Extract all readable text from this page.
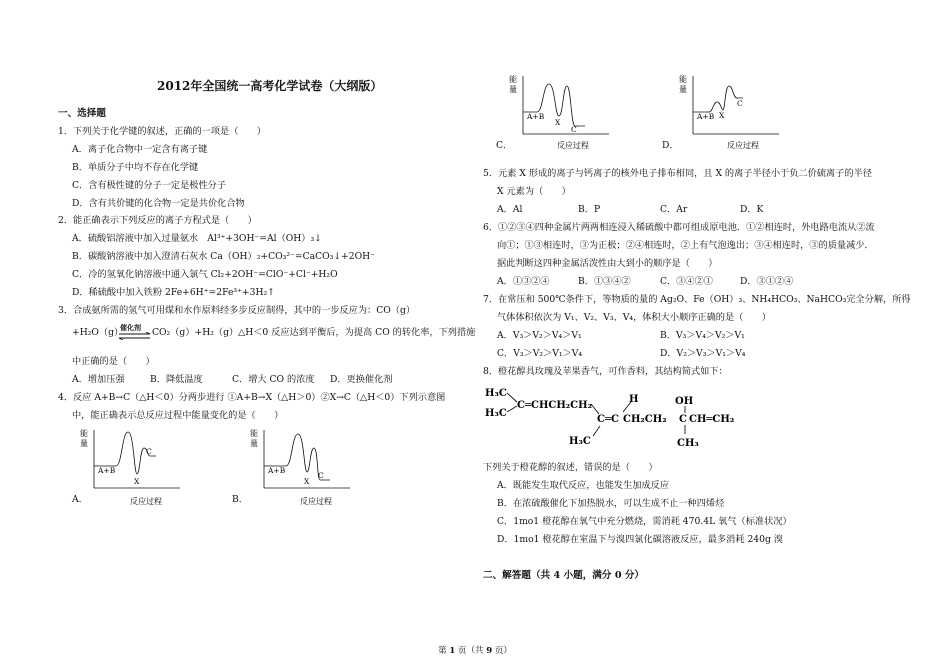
2012年全国统一高考化学试卷（大纲版）
一、选择题
1．下列关于化学键的叙述，正确的一项是（　　）
A．离子化合物中一定含有离子键
B．单质分子中均不存在化学键
C．含有极性键的分子一定是极性分子
D．含有共价键的化合物一定是共价化合物
2．能正确表示下列反应的离子方程式是（　　）
A．硫酸铝溶液中加入过量氨水　Al³⁺+3OH⁻=Al（OH）₃↓
B．碳酸钠溶液中加入澄清石灰水 Ca（OH）₂+CO₃²⁻=CaCO₃↓+2OH⁻
C．冷的氢氧化钠溶液中通入氯气 Cl₂+2OH⁻=ClO⁻+Cl⁻+H₂O
D．稀硫酸中加入铁粉 2Fe+6H⁺=2Fe³⁺+3H₂↑
3．合成氨所需的氢气可用煤和水作原料经多步反应制得，其中的一步反应为：CO（g）
+H₂O（g）
催化剂 ⇌ CO₂（g）+H₂（g）△H＜0 反应达到平衡后，为提高 CO 的转化率，下列措施
中正确的是（　　）
A．增加压强	B．降低温度	C．增大 CO 的浓度 D．更换催化剂
4．反应 A+B→C（△H＜0）分两步进行 ①A+B→X（△H＞0）②X→C（△H＜0）下列示意图
中，能正确表示总反应过程中能量变化的是（　　）
能
量
A+B
X
C
反应过程
A．
能
量
A+B
X
C
反应过程
B．
能
量
A+B
X
C
反应过程
C．
能
量
A+B X
C
反应过程
D．
5．元素 X 形成的离子与钙离子的核外电子排布相同，且 X 的离子半径小于负二价硫离子的半径
X 元素为（　　）
A．Al	B．P	C．Ar	D．K
6．①②③④四种金属片两两相连浸入稀硫酸中都可组成原电池．①②相连时，外电路电流从②流
向①；①③相连时，③为正极；②④相连时，②上有气泡逸出；③④相连时，③的质量减少．
据此判断这四种金属活泼性由大到小的顺序是（　　）
A．①③②④	B．①③④②	C．③④②①	D．③①②④
7．在常压和 500℃条件下，等物质的量的 Ag₂O、Fe（OH）₃、NH₄HCO₃、NaHCO₃完全分解，所得
气体体积依次为 V₁、V₂、V₃、V₄，体积大小顺序正确的是（　　）
A．V₃＞V₂＞V₄＞V₁	B．V₃＞V₄＞V₂＞V₁
C．V₃＞V₂＞V₁＞V₄	D．V₂＞V₃＞V₁＞V₄
8．橙花醇具玫瑰及苹果香气，可作香料，其结构简式如下：
H₃C
H₃C
C═CHCH₂CH₂
C═C
H
H₃C
CH₂CH₂
OH
C CH═CH₂
CH₃
下列关于橙花醇的叙述，错误的是（　　）
A．既能发生取代反应，也能发生加成反应
B．在浓硫酸催化下加热脱水，可以生成不止一种四烯烃
C．1mo1 橙花醇在氧气中充分燃烧，需消耗 470.4L 氧气（标准状况）
D．1mo1 橙花醇在室温下与溴四氯化碳溶液反应，最多消耗 240g 溴
二、解答题（共 4 小题，满分 0 分）
第 1 页（共 9 页）
